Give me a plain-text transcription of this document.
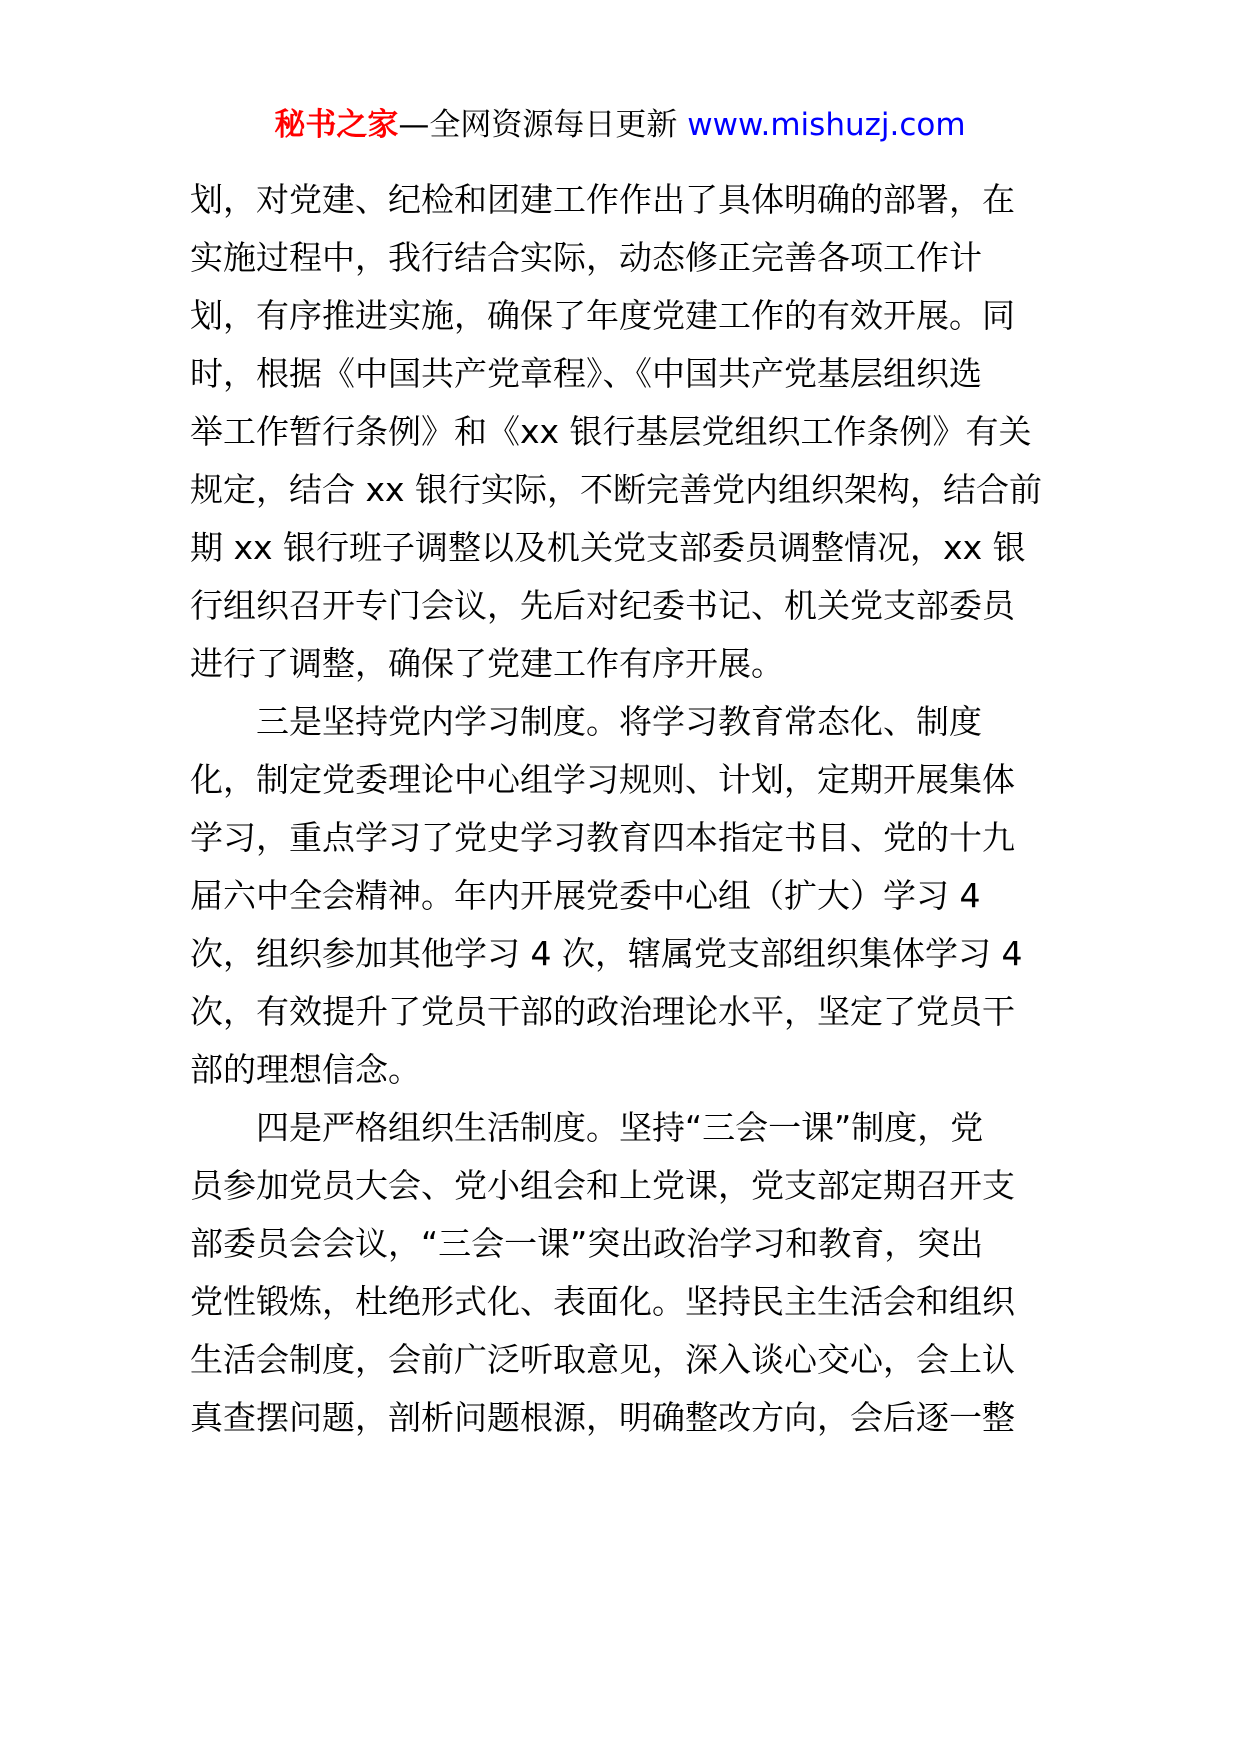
秘书之家—全网资源每日更新 www.mishuzj.com
划，对党建、纪检和团建工作作出了具体明确的部署，在
实施过程中，我行结合实际，动态修正完善各项工作计
划，有序推进实施，确保了年度党建工作的有效开展。同
时，根据《中国共产党章程》、《中国共产党基层组织选
举工作暂行条例》和《xx 银行基层党组织工作条例》有关
规定，结合 xx 银行实际，不断完善党内组织架构，结合前
期 xx 银行班子调整以及机关党支部委员调整情况，xx 银
行组织召开专门会议，先后对纪委书记、机关党支部委员
进行了调整，确保了党建工作有序开展。
三是坚持党内学习制度。将学习教育常态化、制度
化，制定党委理论中心组学习规则、计划，定期开展集体
学习，重点学习了党史学习教育四本指定书目、党的十九
届六中全会精神。年内开展党委中心组（扩大）学习 4
次，组织参加其他学习 4 次，辖属党支部组织集体学习 4
次，有效提升了党员干部的政治理论水平，坚定了党员干
部的理想信念。
四是严格组织生活制度。坚持“三会一课”制度，党
员参加党员大会、党小组会和上党课，党支部定期召开支
部委员会会议，“三会一课”突出政治学习和教育，突出
党性锻炼，杜绝形式化、表面化。坚持民主生活会和组织
生活会制度，会前广泛听取意见，深入谈心交心，会上认
真查摆问题，剖析问题根源，明确整改方向，会后逐一整
